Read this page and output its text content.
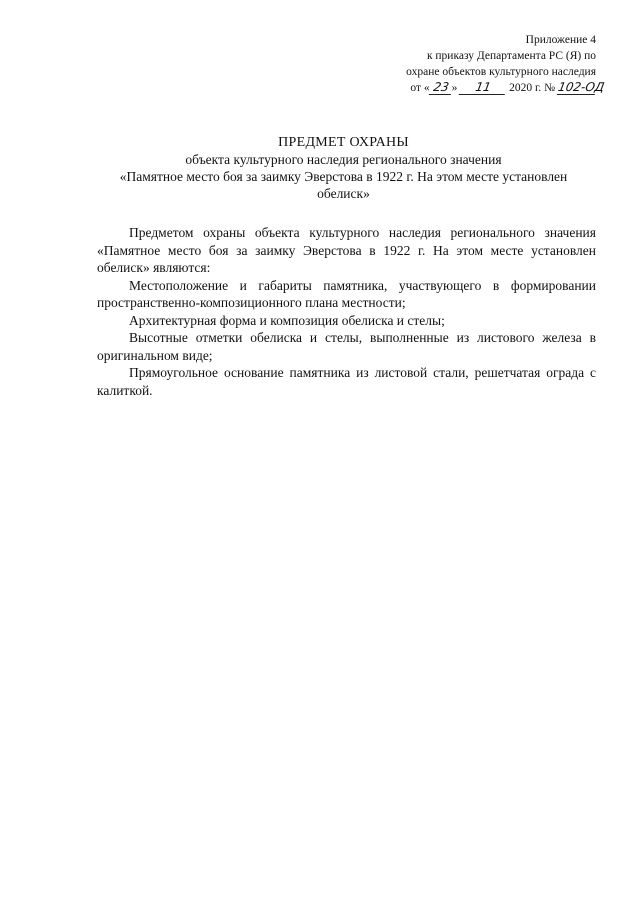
Приложение 4
к приказу Департамента РС (Я) по
охране объектов культурного наследия
от « 23 » 11 2020 г. № 102-ОД
ПРЕДМЕТ ОХРАНЫ
объекта культурного наследия регионального значения
«Памятное место боя за заимку Эверстова в 1922 г. На этом месте установлен обелиск»

Предметом охраны объекта культурного наследия регионального значения «Памятное место боя за заимку Эверстова в 1922 г. На этом месте установлен обелиск» являются:

Местоположение и габариты памятника, участвующего в формировании пространственно-композиционного плана местности;

Архитектурная форма и композиция обелиска и стелы;

Высотные отметки обелиска и стелы, выполненные из листового железа в оригинальном виде;

Прямоугольное основание памятника из листовой стали, решетчатая ограда с калиткой.
